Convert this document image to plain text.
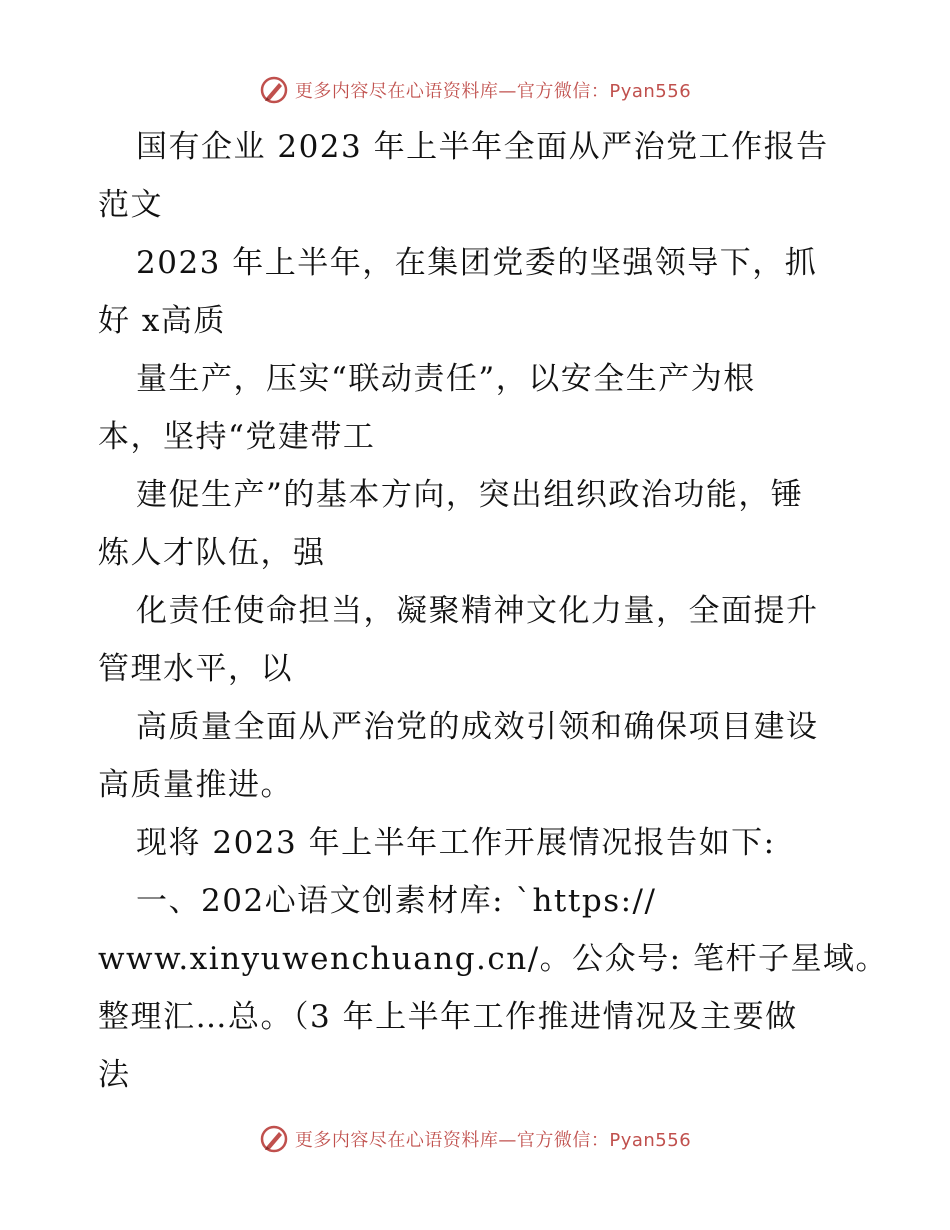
更多内容尽在心语资料库—官方微信：Pyan556
国有企业 2023 年上半年全面从严治党工作报告
范文
2023 年上半年，在集团党委的坚强领导下，抓
好 x高质
量生产，压实“联动责任”，以安全生产为根
本，坚持“党建带工
建促生产”的基本方向，突出组织政治功能，锤
炼人才队伍，强
化责任使命担当，凝聚精神文化力量，全面提升
管理水平，以
高质量全面从严治党的成效引领和确保项目建设
高质量推进。
现将 2023 年上半年工作开展情况报告如下:
一、202心语文创素材库: `https://
www.xinyuwenchuang.cn/。公众号: 笔杆子星域。
整理汇…总。（3 年上半年工作推进情况及主要做
法
更多内容尽在心语资料库—官方微信：Pyan556
